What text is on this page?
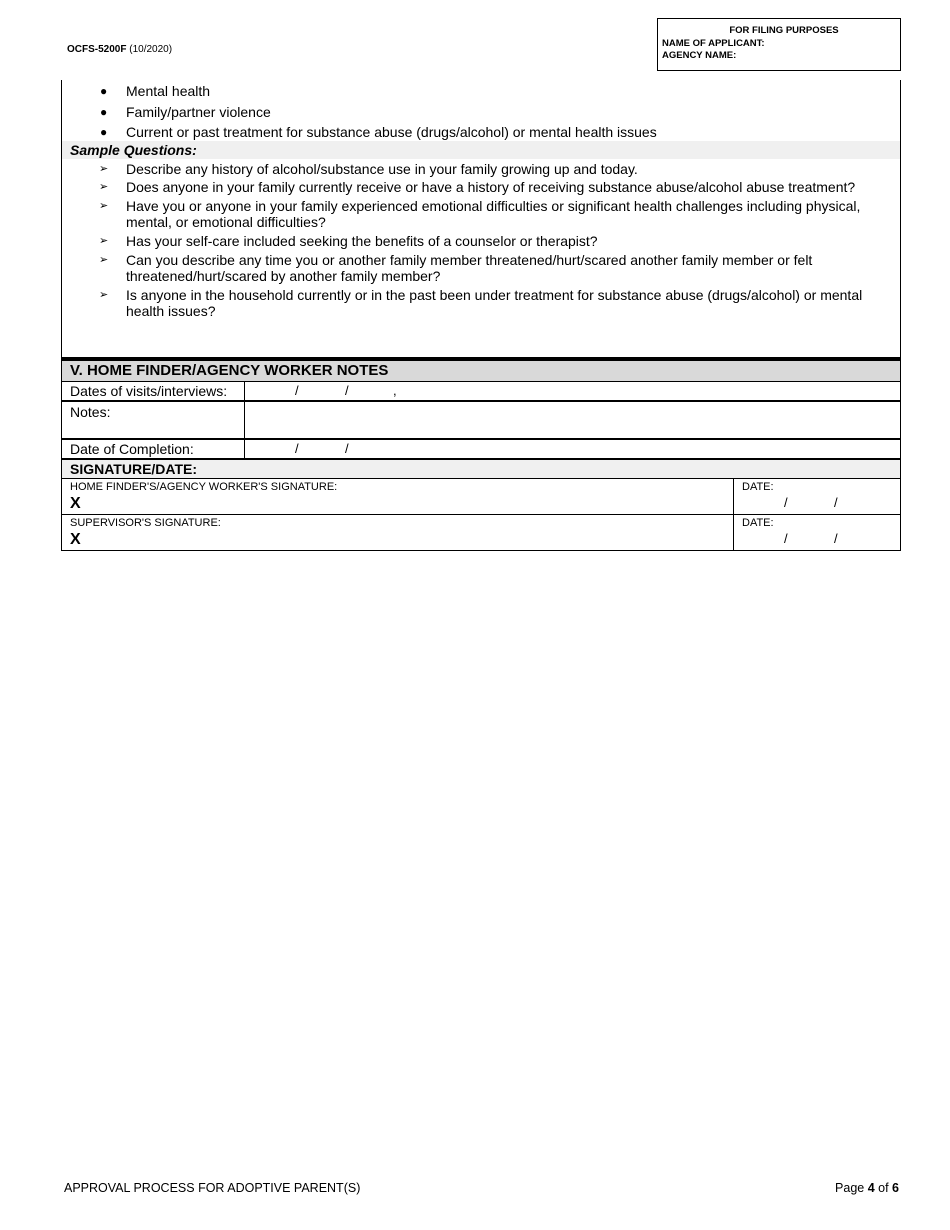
OCFS-5200F (10/2020)
FOR FILING PURPOSES
NAME OF APPLICANT:
AGENCY NAME:
● Mental health
● Family/partner violence
● Current or past treatment for substance abuse (drugs/alcohol) or mental health issues
Sample Questions:
➢ Describe any history of alcohol/substance use in your family growing up and today.
➢ Does anyone in your family currently receive or have a history of receiving substance abuse/alcohol abuse treatment?
➢ Have you or anyone in your family experienced emotional difficulties or significant health challenges including physical, mental, or emotional difficulties?
➢ Has your self-care included seeking the benefits of a counselor or therapist?
➢ Can you describe any time you or another family member threatened/hurt/scared another family member or felt threatened/hurt/scared by another family member?
➢ Is anyone in the household currently or in the past been under treatment for substance abuse (drugs/alcohol) or mental health issues?
V. HOME FINDER/AGENCY WORKER NOTES
Dates of visits/interviews:	/	/	,
Notes:
Date of Completion:	/	/
SIGNATURE/DATE:
HOME FINDER'S/AGENCY WORKER'S SIGNATURE:
X
DATE:
/	/
SUPERVISOR'S SIGNATURE:
X
DATE:
/	/
APPROVAL PROCESS FOR ADOPTIVE PARENT(S)	Page 4 of 6
